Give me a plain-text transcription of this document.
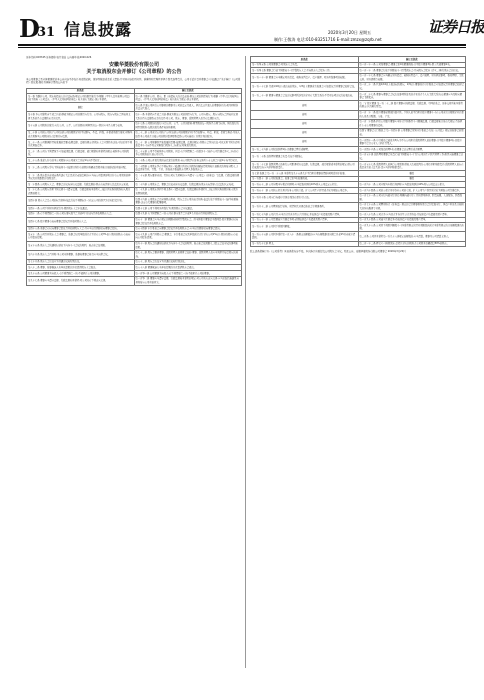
D
31 信息披露	2020年3月20日 星期五
制作:王敬涛 电话:010-83251716 E-mail:zmzx@zqrb.net
证券日报
证券代码:603345 证券简称:安井食品 公告编号:临2020-026
安徽华菱股份有限公司
关于取消股东会并修订《公司章程》的公告
本公司董事会及全体董事保证本公告内容不存在任何虚假记载、误导性陈述或者重大遗漏,并对其内容的真实性、准确性和完整性承担个别及连带责任。公司于近日召开董事会,审议通过了关于修订《公司章程》的议案,现将具体修订情况公告如下:
原条款	修订后条款
第一条 为维护公司、股东和债权人的合法权益,规范公司的组织和行为,根据《中华人民共和国公司法》(以下简称《公司法》)、《中华人民共和国证券法》和其他有关规定,制订本章程。	第一条 为维护公司、股东、职工和债权人的合法权益,规范公司的组织和行为,根据《中华人民共和国公司法》、《中华人民共和国证券法》和其他有关规定,制定本章程。
删除	第八条 代表公司执行公司事务的董事为公司的法定代表人。担任法定代表人的董事辞任的,视为同时辞去法定代表人。
第十条 本公司章程自生效之日起,即成为规范公司的组织与行为、公司与股东、股东与股东之间权利义务关系的具有法律约束力的文件。	第十一条 本章程自生效之日起,即成为规范公司的组织与行为、公司与股东、股东与股东之间权利义务关系的具有法律约束力的文件,对公司、股东、董事、高级管理人员具有法律约束力。
第十五条 公司股份的发行,实行公开、公平、公正的原则,同种类的每一股份应当具有同等权利。	第十七条 公司股份的发行,实行公开、公平、公正的原则,同类别的每一股份具有同等权利。同次发行的同类别股份,每股的发行条件和价格相同。
第二十条 公司或公司的子公司(包括公司的附属企业)不以赠与、垫资、担保、补偿或贷款等形式,对购买或者拟购买公司股份的人提供任何资助。	第二十二条 公司或者公司的子公司(包括公司的附属企业)不得以赠与、垫资、担保、借款等形式,为他人取得本公司或者其母公司的股份提供财务资助,公司实施员工持股计划的除外。
第二十一条 公司根据经营和发展的需要,依照法律、法规的规定,经股东大会分别作出决议,可以采用下列方式增加资本。	第二十三条 公司根据经营和发展的需要,依照法律、法规的规定,经股东会作出决议,可以采用下列方式增加资本:(一)向不特定对象发行股份;(二)向特定对象发行股份。
第二十三条 公司在下列情况下,可以依照法律、行政法规、部门规章和本章程的规定,收购本公司的股份。	第二十五条 公司不得收购本公司股份。但是,有下列情形之一的除外:(一)减少公司注册资本;(二)与持有本公司股份的其他公司合并。
第二十八条 发起人持有的本公司股份,自公司成立之日起1年内不得转让。	第三十条 公司公开发行股份前已发行的股份,自公司股票在证券交易所上市交易之日起1年内不得转让。
第三十二条 公司股东享有下列权利:(一)依照其所持有的股份份额获得股利和其他形式的利益分配。	第三十四条 公司股东享有下列权利:(一)依照其所持有的股份份额获得股利和其他形式的利益分配;(二)依法请求召开、召集、主持、参加或者委派股东代理人参加股东会。
第三十三条 股东提出查阅前条所述有关信息或者索取资料的,应当向公司提供证明其持有公司股份的种类以及持股数量的书面文件。	第三十五条 股东要求查阅、复制公司有关材料的,应当遵守《公司法》《证券法》等法律、行政法规的规定。
第三十四条 公司股东大会、董事会决议内容违反法律、行政法规的,股东有权请求人民法院认定无效。	第三十六条 公司股东会、董事会决议内容违反法律、行政法规的,股东有权请求人民法院认定无效。
第三十七条 公司股东承担下列义务:(一)遵守法律、行政法规和本章程;(二)依其所认购的股份和入股方式缴纳股金。	第三十九条 公司股东承担下列义务:(一)遵守法律、行政法规和本章程;(二)依其所认购的股份和入股方式缴纳股款。
第四十条 股东大会是公司的权力机构,依法行使下列职权:(一)决定公司的经营方针和投资计划。	第四十六条 公司股东会由全体股东组成。股东会是公司的权力机构,依法行使下列职权:(一)选举和更换董事,决定有关董事的报酬事项。
第四十一条 公司下列对外担保行为,须经股东大会审议通过。	第四十七条 公司下列对外担保行为,须经股东会审议通过。
第四十三条 有下列情形之一的,公司在事实发生之日起2个月以内召开临时股东大会。	第四十九条 有下列情形之一的,公司在事实发生之日起2个月以内召开临时股东会。
第四十七条 独立董事有权向董事会提议召开临时股东大会。	第五十三条 董事会应当在规定的期限内按时召集股东会。经全体独立董事过半数同意,独立董事有权向董事会提议召开临时股东会。
第四十八条 监事会有权向董事会提议召开临时股东大会,并应当以书面形式向董事会提出。	第五十四条 审计委员会向董事会提议召开临时股东会,应当以书面形式向董事会提出。
第五十三条 公司召开股东大会,董事会、监事会以及单独或者合并持有公司3%以上股份的股东,有权向公司提出提案。	第五十九条 公司召开股东会,董事会、审计委员会以及单独或者合计持有公司1%以上股份的股东,有权向公司提出提案。
第五十五条 股东大会的通知包括以下内容:(一)会议的时间、地点和会议期限。	第六十一条 股东会的通知包括以下内容:(一)会议的时间、地点和会议期限;(二)提交会议审议的事项和提案。
第六十六条 股东大会召开时,本公司全体董事、监事和董事会秘书应当出席会议。	第七十二条 股东会要求董事、高级管理人员列席会议的,董事、高级管理人员应当列席并接受股东的质询。
第七十六条 股东大会决议分为普通决议和特别决议。	第八十二条 股东会决议分为普通决议和特别决议。
第八十二条 董事、监事候选人名单以提案的方式提请股东大会表决。	第八十八条 董事候选人名单以提案的方式提请股东会表决。
第九十五条 公司董事为自然人,有下列情形之一的,不能担任公司的董事。	第一百零一条 公司董事为自然人,有下列情形之一的,不能担任公司的董事。
第九十七条 董事应当遵守法律、行政法规和本章程,对公司负有下列忠实义务。	第一百零三条 董事应当遵守法律、行政法规和本章程的规定,对公司负有忠实义务,应当采取措施避免自身利益与公司利益冲突。
原条款	修订后条款
第一百零五条 公司设董事会,对股东大会负责。	第一百一十一条 公司设董事会,董事会由9名董事组成,其中独立董事3名,职工代表董事1名。
第一百零七条 董事会行使下列职权:(一)召集股东大会,并向股东大会报告工作。	第一百一十三条 董事会行使下列职权:(一)召集股东会,并向股东会报告工作;(二)执行股东会的决议。
第一百一十一条 董事会应当确定对外投资、收购出售资产、资产抵押、对外担保事项的权限。	第一百一十七条 董事会应当确定对外投资、收购出售资产、资产抵押、对外担保事项、委托理财、关联交易、对外捐赠等权限。
第一百一十七条 代表1/10以上表决权的股东、1/3以上董事或者监事会,可以提议召开董事会临时会议。	第一百二十三条 代表1/10以上表决权的股东、1/3以上董事或者审计委员会,可以提议召开董事会临时会议。
第一百二十一条 董事与董事会会议决议事项所涉及的企业有关联关系的,不得对该项决议行使表决权。	第一百二十七条 董事与董事会会议决议事项所涉及的企业或者个人有关联关系的,该董事应当及时向董事会书面报告。
新增	第三节 独立董事 第一百三十二条 独立董事应按照法律、行政法规、中国证监会、证券交易所和本章程的规定,认真履行职责。
新增	第一百三十三条 独立董事必须保持独立性。下列人员不得担任独立董事:(一)在公司或者其附属企业任职的人员及其配偶、父母、子女。
新增	第一百三十四条 担任公司独立董事应当符合下列条件:(一)根据法律、行政法规和其他有关规定,具备担任上市公司董事的资格。
新增	第四节 董事会专门委员会 第一百四十条 公司董事会设置审计委员会,行使《公司法》规定的监事会的职权。
新增	第一百四十一条 审计委员会成员为3名,为不在公司担任高级管理人员的董事,其中独立董事2名,由独立董事中会计专业人士担任召集人。
第一百二十六条 公司设总经理1名,由董事会聘任或解聘。	第一百四十六条 公司设总经理1名,由董事会决定聘任或者解聘。
第一百三十条 总经理对董事会负责,行使下列职权。	第一百五十条 总经理对董事会负责,行使下列职权:(一)主持公司的生产经营管理工作,组织实施董事会决议。
第一百三十七条 高级管理人员执行公司职务时违反法律、行政法规、部门规章或本章程的规定,给公司造成损失的,应当承担赔偿责任。	第一百五十七条 高级管理人员执行公司职务,给他人造成损害的,公司将承担赔偿责任;高级管理人员存在故意或者重大过失的,也应当承担赔偿责任。
第七章 监事会 第一百三十八条 本章程第九十五条关于不得担任董事的情形,同时适用于监事。	删除
第一百四十三条 公司设监事会。监事会由3名监事组成。	删除
第一百五十二条 公司分配当年税后利润时,应当提取利润的10%列入公司法定公积金。	第一百六十三条 公司分配当年税后利润时,应当提取利润的10%列入公司法定公积金。
第一百五十三条 公司的公积金用于弥补公司的亏损、扩大公司生产经营或者转为增加公司资本。	第一百六十四条 公司的公积金用于弥补公司的亏损、扩大公司生产经营或者转为增加公司注册资本。
第一百六十条 公司实行内部审计制度,配备专职审计人员。	第一百七十一条 公司实行内部审计制度,明确内部审计工作的领导体制、职责权限、人员配备、经费保障。
第一百六十二条 公司聘用取得证券、期货相关业务资格的会计师事务所。	第一百七十五条 公司聘用符合《证券法》规定的会计师事务所进行会计报表审计、净资产验证及其他相关的咨询服务等业务。
第一百七十六条 公司合并,应当由合并各方签订合并协议,并编制资产负债表及财产清单。	第一百八十九条 公司合并,应当由合并各方签订合并协议,并编制资产负债表及财产清单。
第一百八十一条 公司需要减少注册资本时,必须编制资产负债表及财产清单。	第一百九十四条 公司减少注册资本,将编制资产负债表及财产清单。
第一百八十三条 公司因下列原因解散。	第一百九十八条 公司因下列原因解散:(一)本章程规定的营业期限届满或者本章程规定的其他解散事由出现。
第一百八十五条 公司因本章程第一百八十三条规定而解散的,应当在解散事由出现之日起15日内成立清算组。	第二百条 公司因本章程第一百九十八条规定而解散的,应当清算。董事为公司清算义务人。
第一百九十七条 释义。	第二百一十二条 释义:(一)控股股东,是指其持有的股份占公司股本总额超过50%的股东。
除上述条款修订外,《公司章程》其他条款内容不变。本次修订尚需提交公司股东会审议。特此公告。安徽华菱股份有限公司董事会 2020年3月20日
